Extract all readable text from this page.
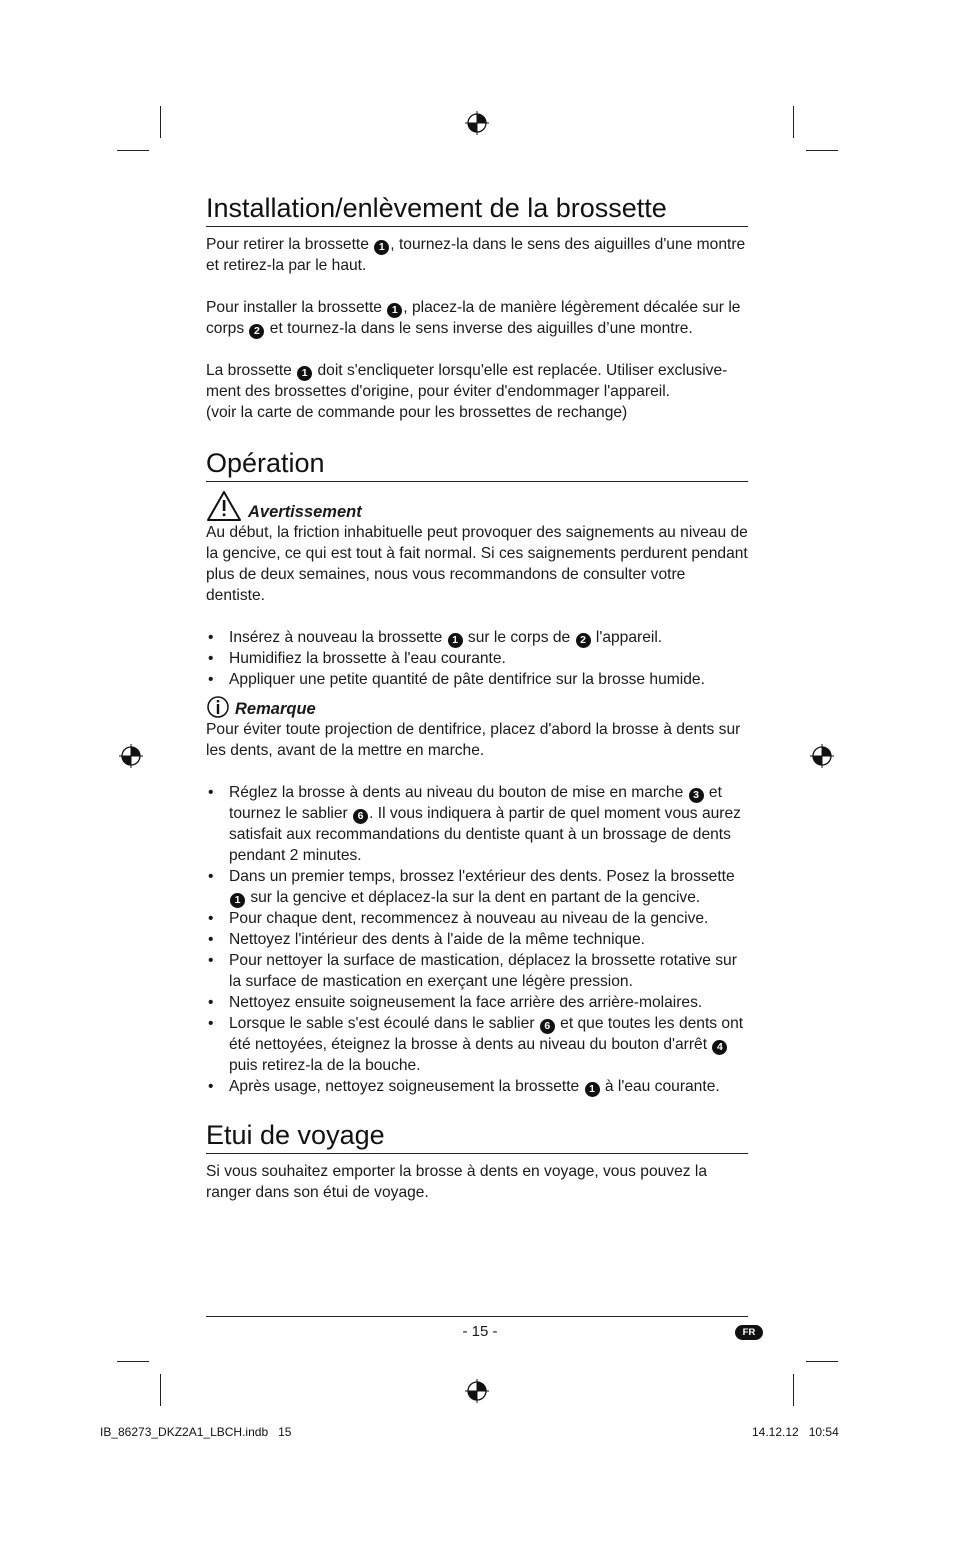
Installation/enlèvement de la brossette

Pour retirer la brossette 1 , tournez-la dans le sens des aiguilles d'une montre et retirez-la par le haut.

Pour installer la brossette 1 , placez-la de manière légèrement décalée sur le corps 2 et tournez-la dans le sens inverse des aiguilles d’une montre.

La brossette 1 doit s'encliqueter lorsqu'elle est replacée. Utiliser exclusive-ment des brossettes d'origine, pour éviter d'endommager l'appareil.
(voir la carte de commande pour les brossettes de rechange)

Opération
Avertissement

Au début, la friction inhabituelle peut provoquer des saignements au niveau de la gencive, ce qui est tout à fait normal. Si ces saignements perdurent pendant plus de deux semaines, nous vous recommandons de consulter votre dentiste.

• Insérez à nouveau la brossette 1 sur le corps de 2 l'appareil.
• Humidifiez la brossette à l'eau courante.
• Appliquer une petite quantité de pâte dentifrice sur la brosse humide.
Remarque

Pour éviter toute projection de dentifrice, placez d'abord la brosse à dents sur les dents, avant de la mettre en marche.

• Réglez la brosse à dents au niveau du bouton de mise en marche 3 et tournez le sablier 6 . Il vous indiquera à partir de quel moment vous aurez satisfait aux recommandations du dentiste quant à un brossage de dents pendant 2 minutes.
• Dans un premier temps, brossez l'extérieur des dents. Posez la brossette 1 sur la gencive et déplacez-la sur la dent en partant de la gencive.
• Pour chaque dent, recommencez à nouveau au niveau de la gencive.
• Nettoyez l'intérieur des dents à l'aide de la même technique.
• Pour nettoyer la surface de mastication, déplacez la brossette rotative sur la surface de mastication en exerçant une légère pression.
• Nettoyez ensuite soigneusement la face arrière des arrière-molaires.
• Lorsque le sable s'est écoulé dans le sablier 6 et que toutes les dents ont été nettoyées, éteignez la brosse à dents au niveau du bouton d'arrêt 4 puis retirez-la de la bouche.
• Après usage, nettoyez soigneusement la brossette 1 à l'eau courante.
Etui de voyage

Si vous souhaitez emporter la brosse à dents en voyage, vous pouvez la ranger dans son étui de voyage.

- 15 -	FR
IB_86273_DKZ2A1_LBCH.indb   15	14.12.12   10:54
